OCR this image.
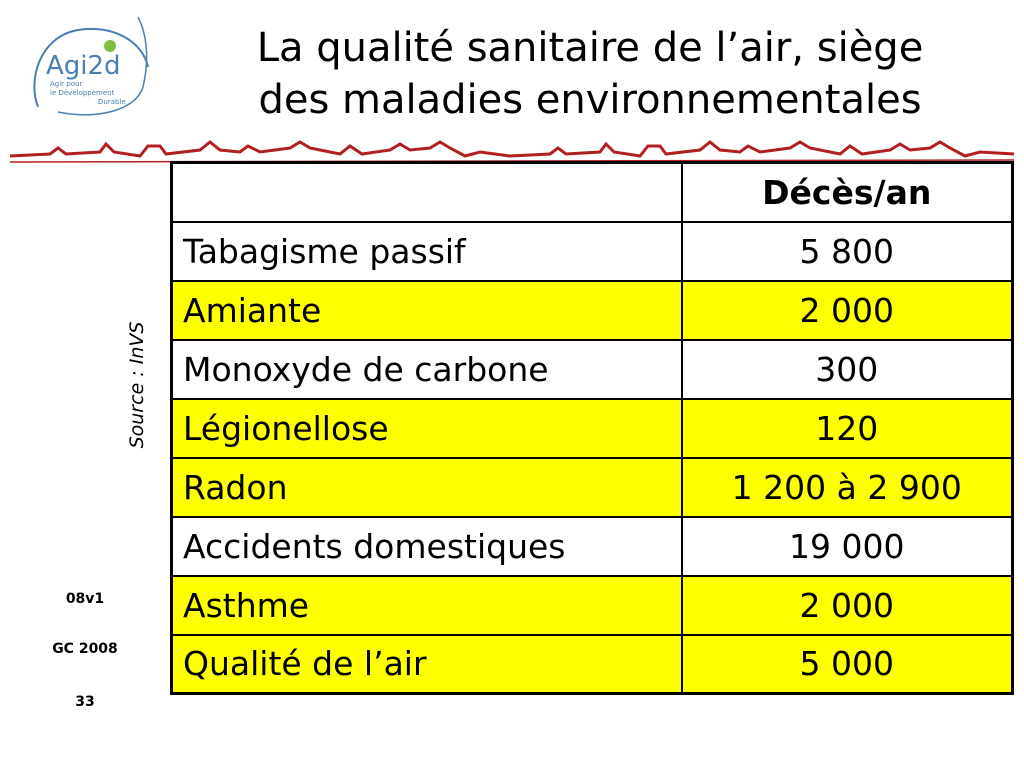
Agi2d
Agir pour
le Développement
Durable
La qualité sanitaire de l’air, siège
des maladies environnementales
Source : InVS
08v1
GC 2008
33
	Décès/an
Tabagisme passif	5 800
Amiante	2 000
Monoxyde de carbone	300
Légionellose	120
Radon	1 200 à 2 900
Accidents domestiques	19 000
Asthme	2 000
Qualité de l’air	5 000
